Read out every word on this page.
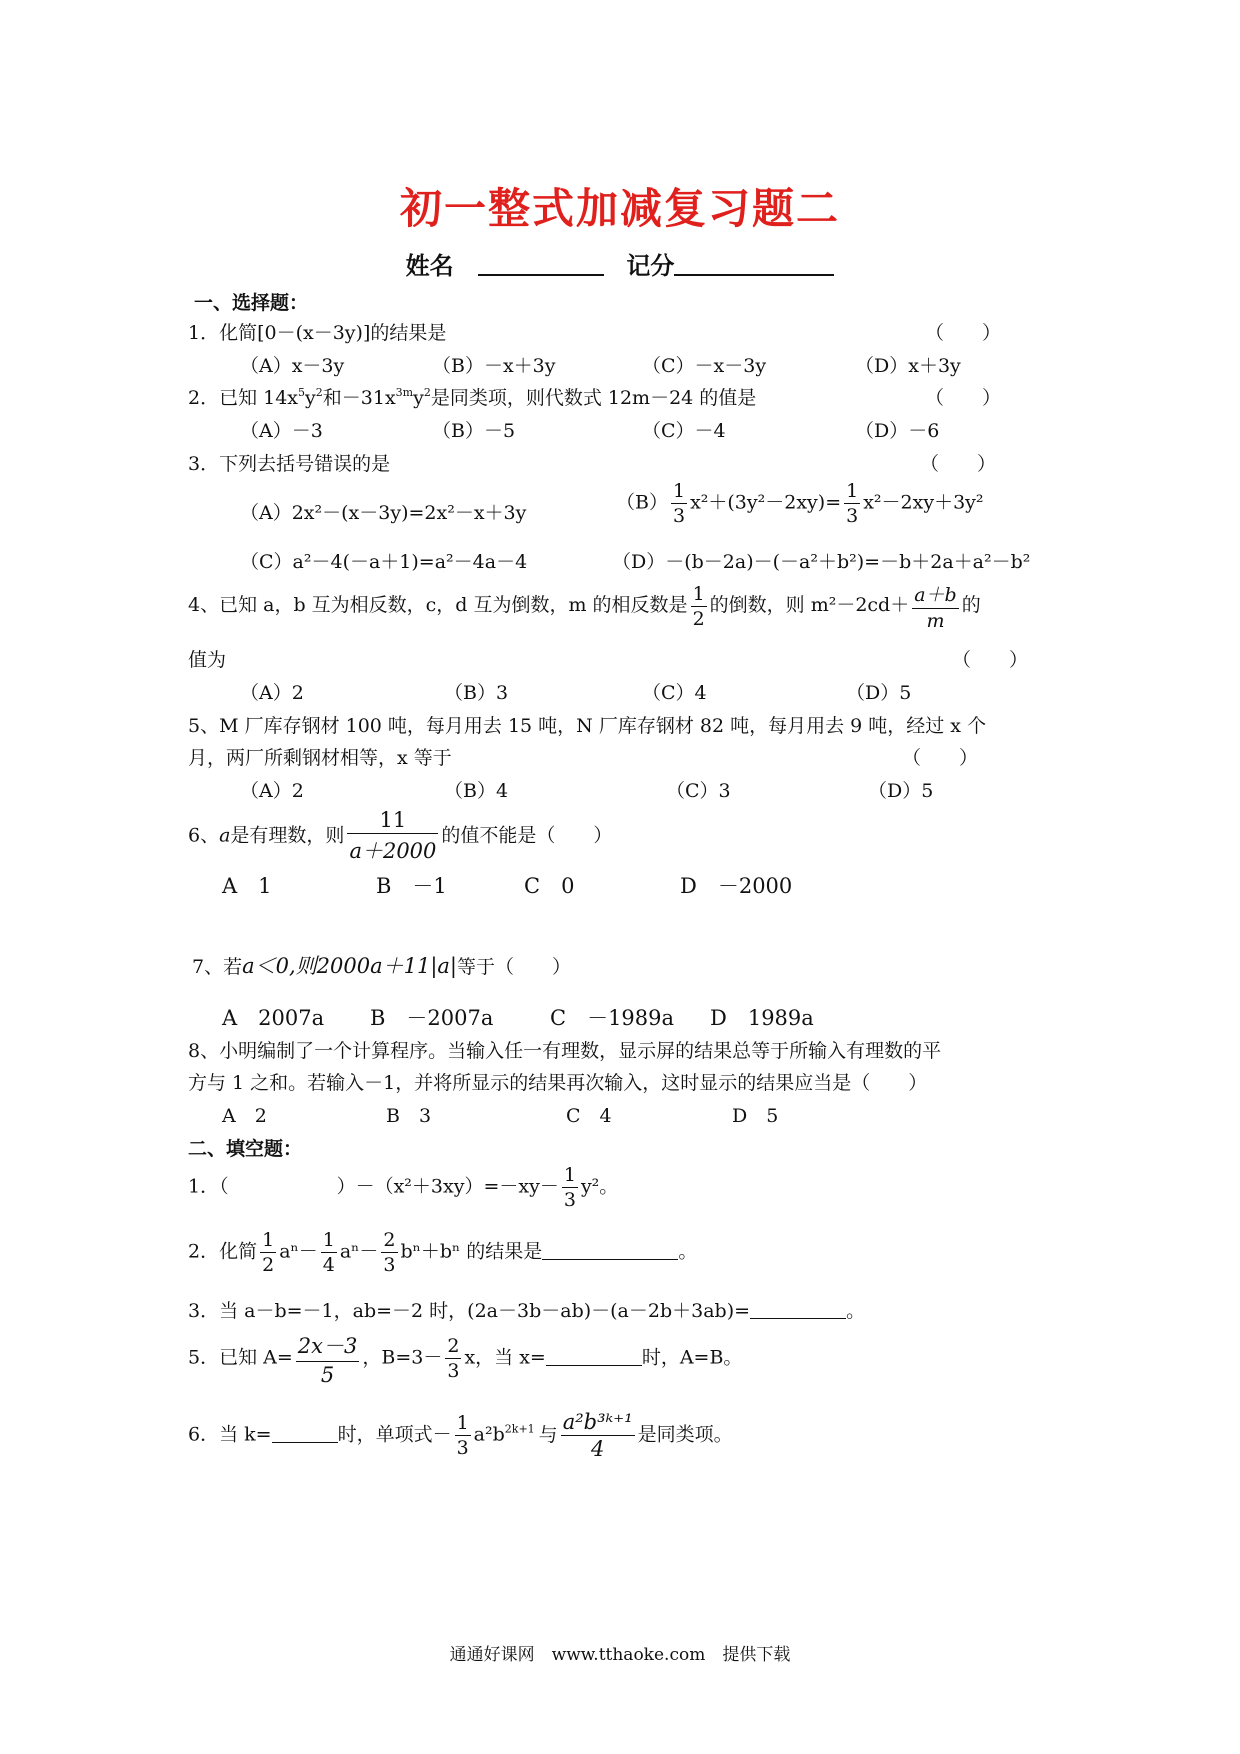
初一整式加减复习题二
姓名	记分
一、选择题：
1．化简[0－(x－3y)]的结果是	（　　）
（A）x－3y	（B）－x＋3y	（C）－x－3y	（D）x＋3y
2．已知 $14x^5y^2$和$-31x^{3m}y^2$是同类项，则代数式 12m－24 的值是	（　　）
（A）－3	（B）－5	（C）－4	（D）－6
3．下列去括号错误的是	（　　）
（A）2x²－(x－3y)=2x²－x＋3y	$(B) \frac{1}{3} x^2+(3y^2-2xy)= \frac{1}{3} x^2-2xy+3y^2$
（C）a²－4(－a＋1)=a²－4a－4	（D）－(b－2a)－(－a²＋b²)=－b＋2a＋a²－b²
4、已知 a，b 互为相反数，c，d 互为倒数，m 的相反数是 $\frac{1}{2}$ 的倒数，则 $m^2-2cd+ \frac{a+b}{m}$ 的
值为	（　　）
（A）2	（B）3	（C）4	（D）5
5、M 厂库存钢材 100 吨，每月用去 15 吨，N 厂库存钢材 82 吨，每月用去 9 吨，经过 x 个
月，两厂所剩钢材相等，x 等于	（　　）
（A）2	（B）4	（C）3	（D）5
6、a是有理数，则 $\frac{11}{a+2000}$ 的值不能是（　　）
A　1	B　－1	C　0	D　－2000
7、若a＜0,则2000a＋11|a|等于（　　）
A　2007a B　－2007a	C　－1989a D　1989a
8、小明编制了一个计算程序。当输入任一有理数，显示屏的结果总等于所输入有理数的平
方与 1 之和。若输入－1，并将所显示的结果再次输入，这时显示的结果应当是（　　）
A　2	B　3	C　4	D　5
二、填空题：
1．（	）$-(x^2+3xy)=-xy- \frac{1}{3} y^2$。
2．化简 $\frac{1}{2} a^n- \frac{1}{4} a^n- \frac{2}{3} b^n+b^n$ 的结果是	。
3．当 a－b=－1，ab=－2 时，(2a－3b－ab)－(a－2b＋3ab)=	。
5．已知 $A= \frac{2x-3}{5}$ ，$B=3- \frac{2}{3}$ x，当 x=	时，A=B。
6．当 k=	时，单项式－ $\frac{1}{3} a^2b^{2k+1}$ 与 $\frac{\text{a²b³ᵏ⁺¹}}{4}$ 是同类项。
通通好课网　www.tthaoke.com　提供下载
